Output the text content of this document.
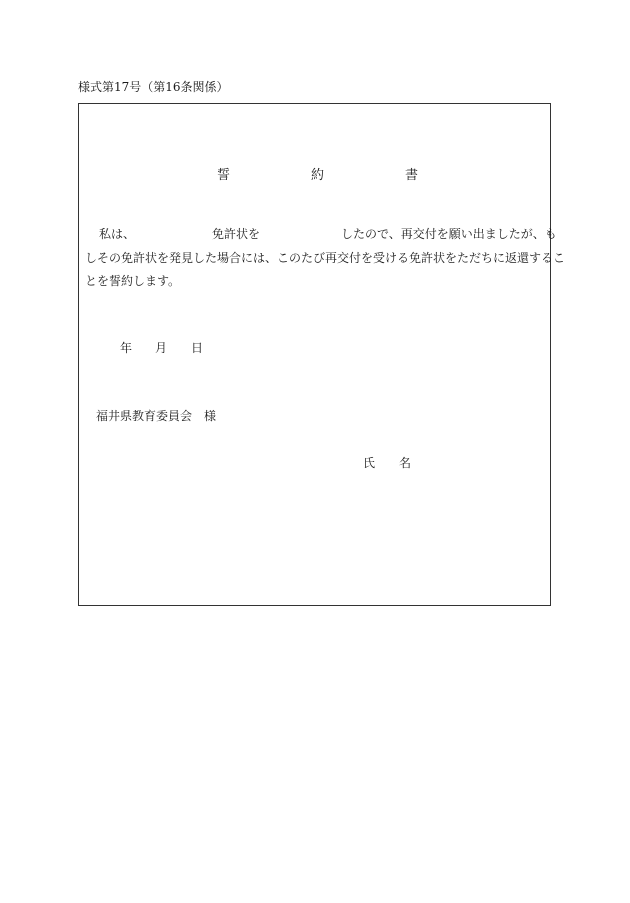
様式第17号（第16条関係）
誓	約	書
私は、	免許状を	したので、再交付を願い出ましたが、も
しその免許状を発見した場合には、このたび再交付を受ける免許状をただちに返還するこ
とを誓約します。
年 月 日
福井県教育委員会　様
氏　　名
